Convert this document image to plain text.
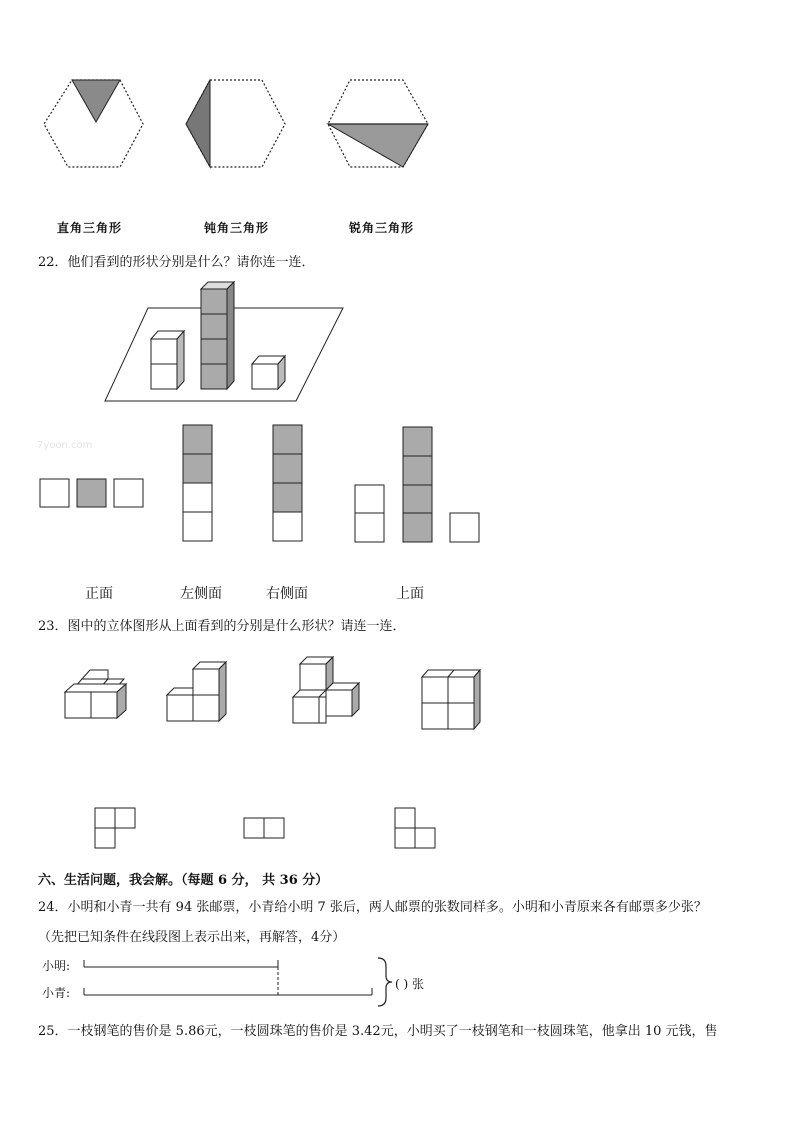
直角三角形	钝角三角形	锐角三角形
22．他们看到的形状分别是什么？请你连一连．
7yoon.com
正面	左侧面	右侧面	上面
23．图中的立体图形从上面看到的分别是什么形状？请连一连．
六、生活问题，我会解。（每题 6 分， 共 36 分）
24．小明和小青一共有 94 张邮票，小青给小明 7 张后，两人邮票的张数同样多。小明和小青原来各有邮票多少张？
（先把已知条件在线段图上表示出来，再解答，4分）
小明:
小青:
( ) 张
25．一枝钢笔的售价是 5.86元，一枝圆珠笔的售价是 3.42元，小明买了一枝钢笔和一枝圆珠笔，他拿出 10 元钱，售
